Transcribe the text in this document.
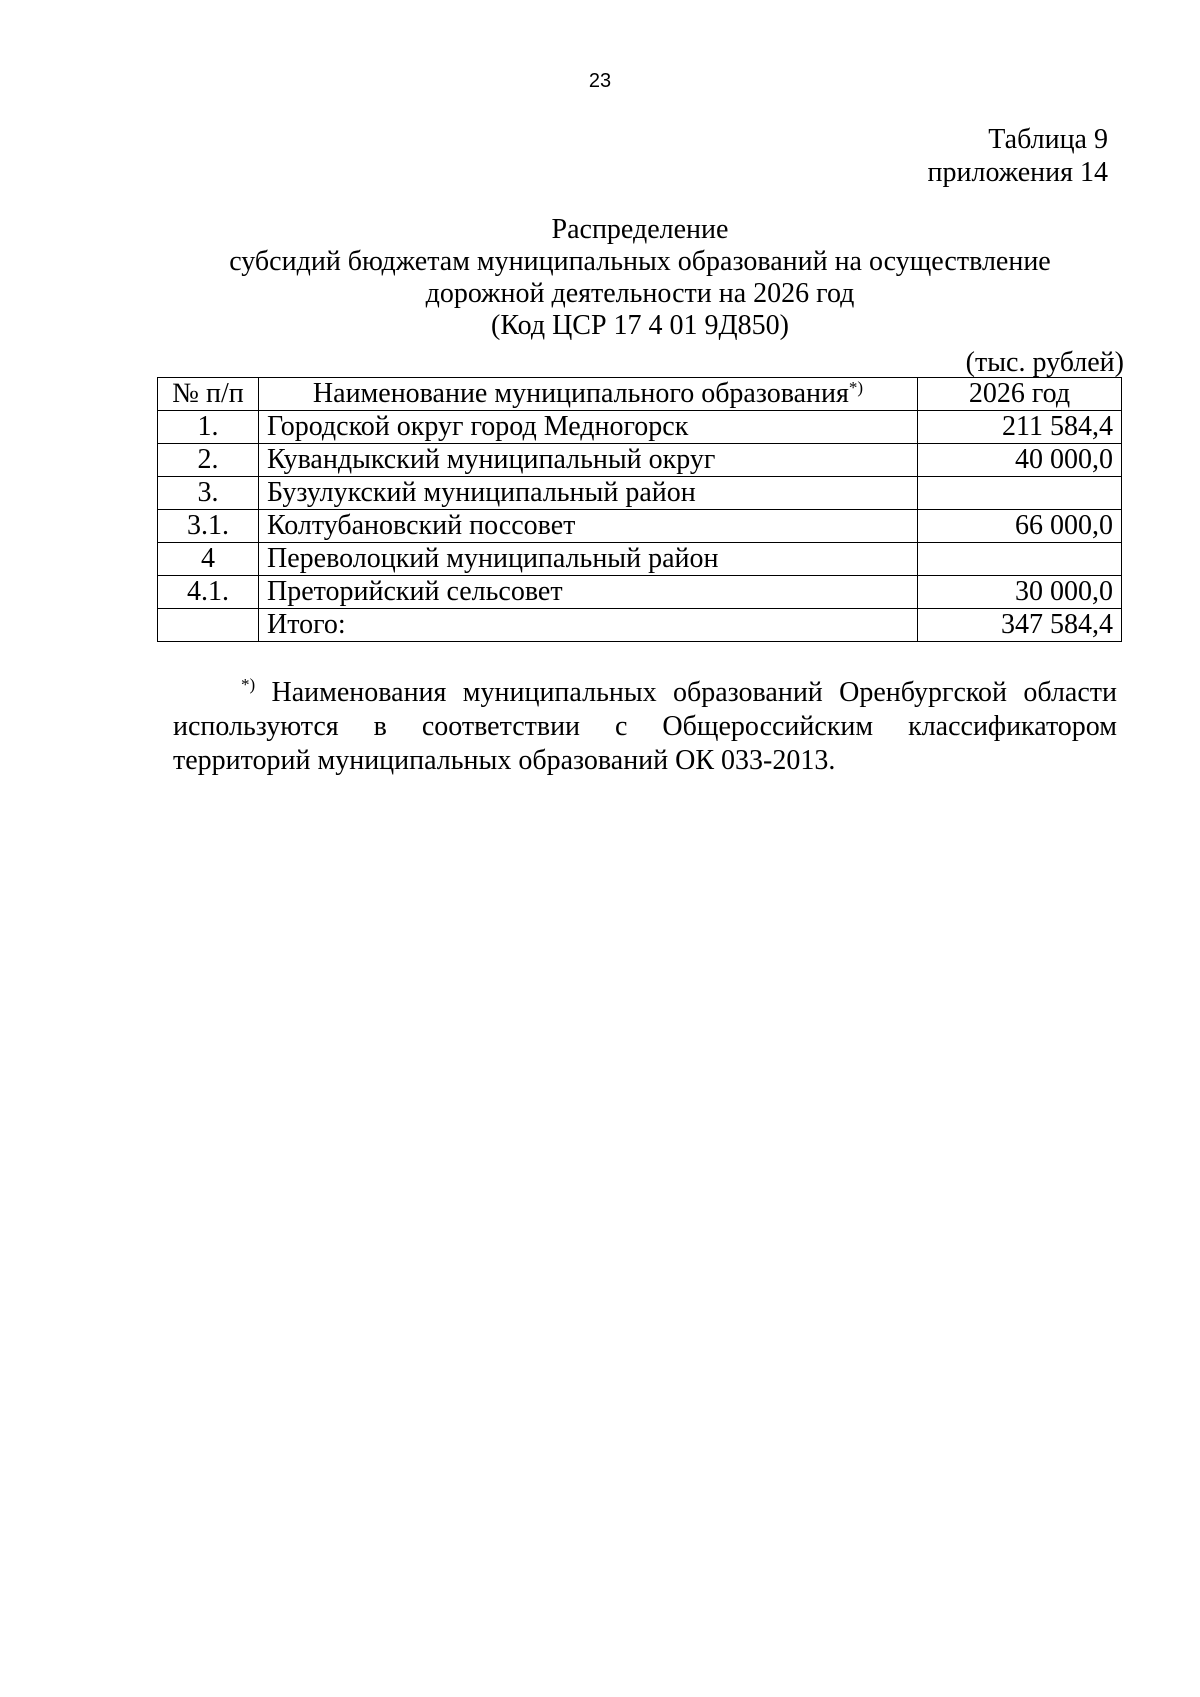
23
Таблица 9
приложения 14
Распределение
субсидий бюджетам муниципальных образований на осуществление
дорожной деятельности на 2026 год
(Код ЦСР 17 4 01 9Д850)
(тыс. рублей)
№ п/п	Наименование муниципального образования*)	2026 год
1.	Городской округ город Медногорск	211 584,4
2.	Кувандыкский муниципальный округ	40 000,0
3.	Бузулукский муниципальный район	
3.1.	Колтубановский поссовет	66 000,0
4	Переволоцкий муниципальный район	
4.1.	Преторийский сельсовет	30 000,0
	Итого:	347 584,4
*) Наименования муниципальных образований Оренбургской области используются в соответствии с Общероссийским классификатором территорий муниципальных образований ОК 033-2013.
